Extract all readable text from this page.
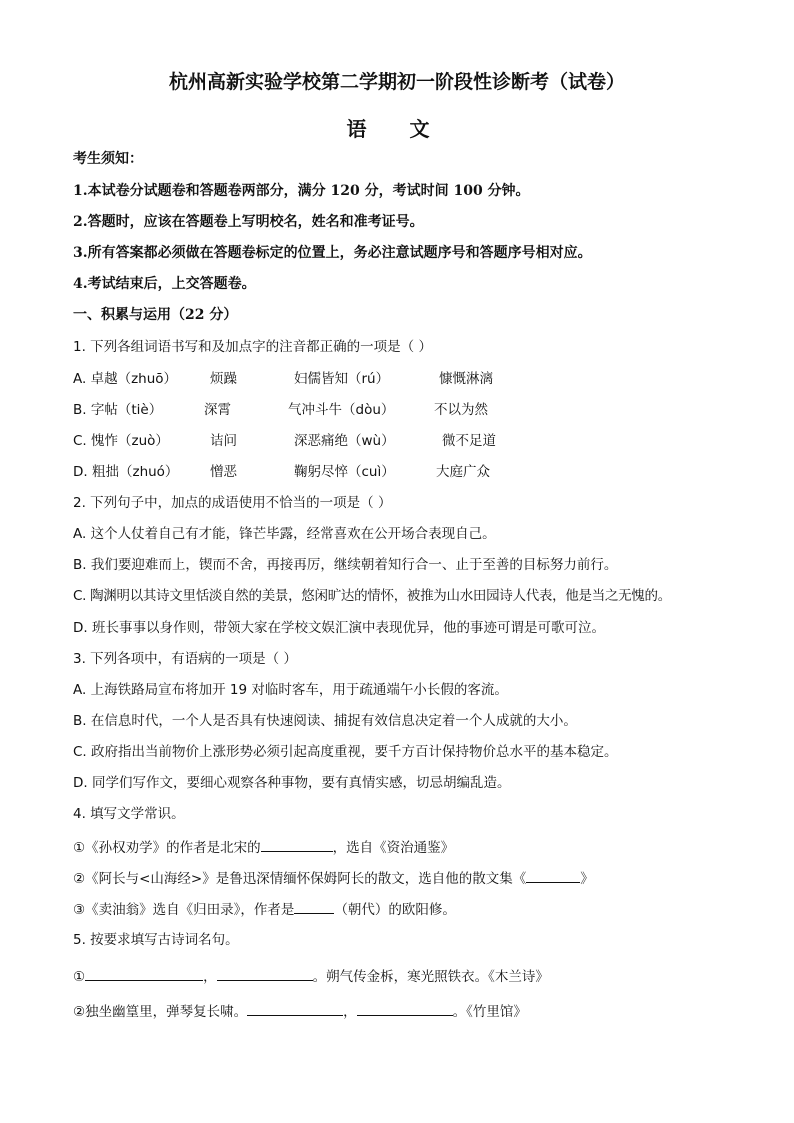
杭州高新实验学校第二学期初一阶段性诊断考（试卷）
语 文
考生须知：
1.本试卷分试题卷和答题卷两部分，满分 120 分，考试时间 100 分钟。
2.答题时，应该在答题卷上写明校名，姓名和准考证号。
3.所有答案都必须做在答题卷标定的位置上，务必注意试题序号和答题序号相对应。
4.考试结束后，上交答题卷。
一、积累与运用（22 分）
1. 下列各组词语书写和及加点字的注音都正确的一项是（ ）
A. 卓越（zhuō） 烦躁	妇儒皆知（rú）	慷慨淋漓
B. 字帖（tiè）	深霄	气冲斗牛（dòu）	不以为然
C. 愧怍（zuò）	诘问	深恶痛绝（wù）	微不足道
D. 粗拙（zhuó） 憎恶	鞠躬尽悴（cuì）	大庭广众
2. 下列句子中，加点的成语使用不恰当的一项是（ ）
A. 这个人仗着自己有才能，锋芒毕露，经常喜欢在公开场合表现自己。
B. 我们要迎难而上，锲而不舍，再接再厉，继续朝着知行合一、止于至善的目标努力前行。
C. 陶渊明以其诗文里恬淡自然的美景，悠闲旷达的情怀，被推为山水田园诗人代表，他是当之无愧的。
D. 班长事事以身作则，带领大家在学校文娱汇演中表现优异，他的事迹可谓是可歌可泣。
3. 下列各项中，有语病的一项是（ ）
A. 上海铁路局宣布将加开 19 对临时客车，用于疏通端午小长假的客流。
B. 在信息时代，一个人是否具有快速阅读、捕捉有效信息决定着一个人成就的大小。
C. 政府指出当前物价上涨形势必须引起高度重视，要千方百计保持物价总水平的基本稳定。
D. 同学们写作文，要细心观察各种事物，要有真情实感，切忌胡编乱造。
4. 填写文学常识。
①《孙权劝学》的作者是北宋的	，选自《资治通鉴》
②《阿长与<山海经>》是鲁迅深情缅怀保姆阿长的散文，选自他的散文集《	》
③《卖油翁》选自《归田录》，作者是	（朝代）的欧阳修。
5. 按要求填写古诗词名句。
①	，	。朔气传金柝，寒光照铁衣。《木兰诗》
②独坐幽篁里，弹琴复长啸。	，	。《竹里馆》
